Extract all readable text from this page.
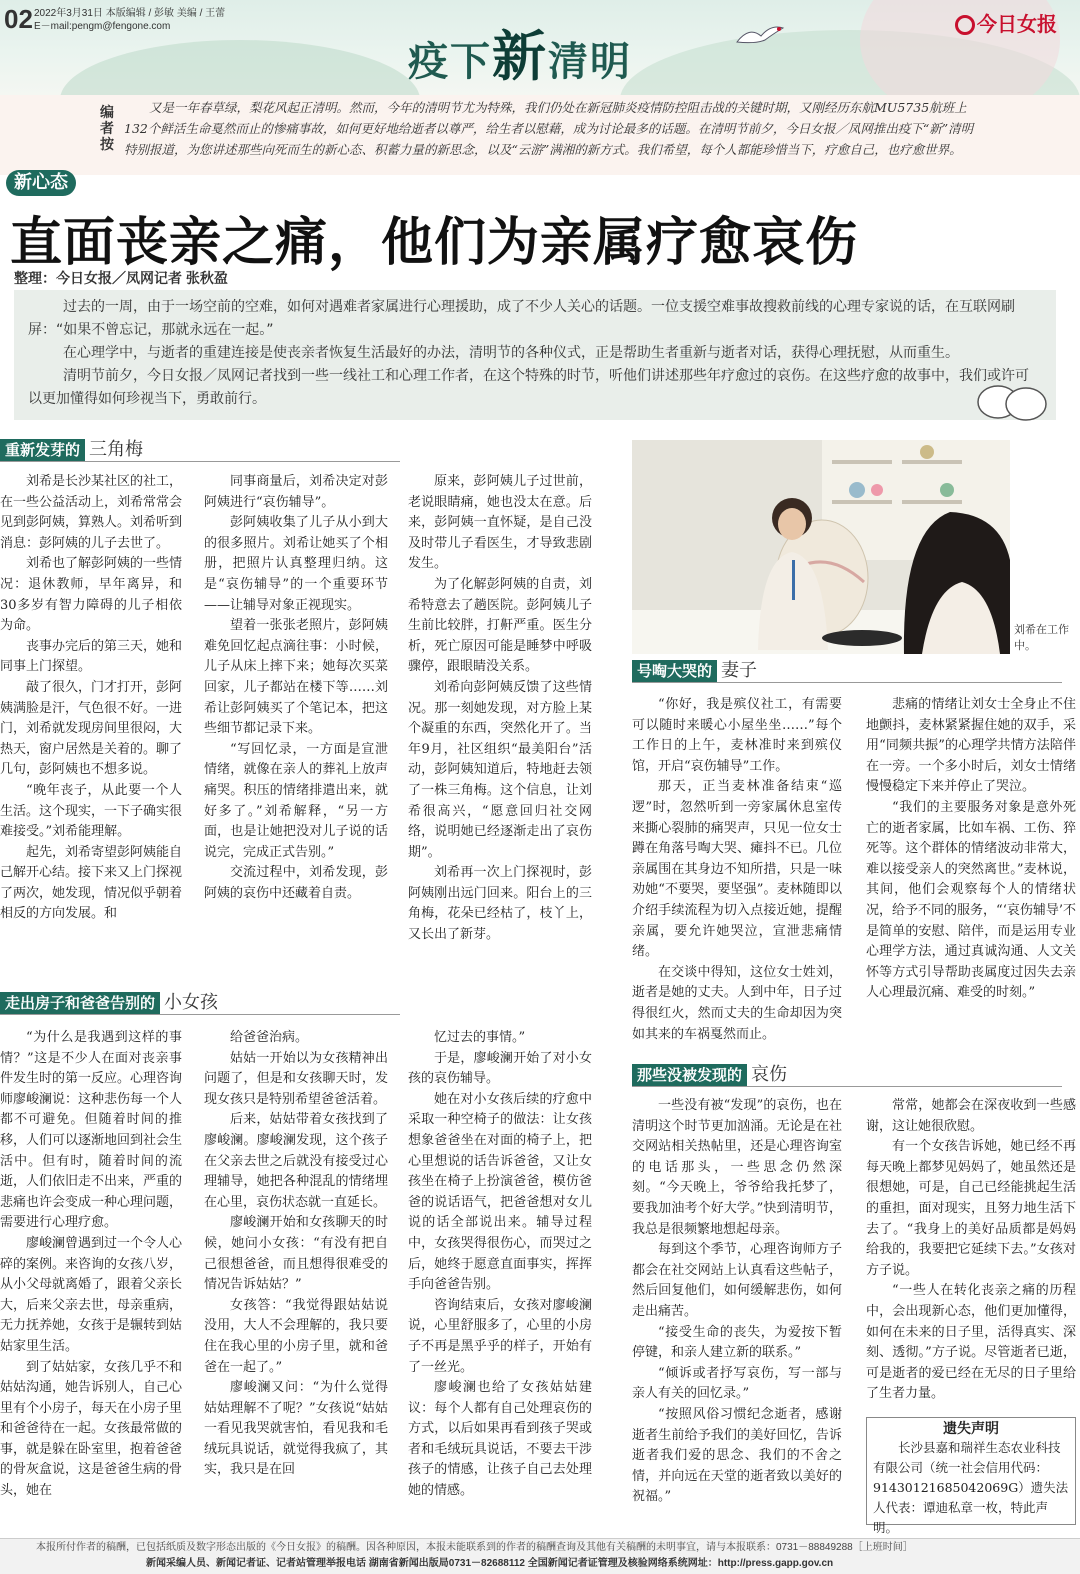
02 2022年3月31日 本版编辑 / 彭敏 美编 / 王蕾
E－mail:pengm@fengone.com
疫下新清明
今日女报
编者按
又是一年春草绿，梨花风起正清明。然而，今年的清明节尤为特殊，我们仍处在新冠肺炎疫情防控阻击战的关键时期，又刚经历东航MU5735航班上132个鲜活生命戛然而止的惨痛事故，如何更好地给逝者以尊严，给生者以慰藉，成为讨论最多的话题。在清明节前夕，今日女报／凤网推出疫下“新”清明特别报道，为您讲述那些向死而生的新心态、积蓄力量的新思念，以及“云游”满湘的新方式。我们希望，每个人都能珍惜当下，疗愈自己，也疗愈世界。
新心态
直面丧亲之痛，他们为亲属疗愈哀伤
整理：今日女报／凤网记者 张秋盈

过去的一周，由于一场空前的空难，如何对遇难者家属进行心理援助，成了不少人关心的话题。一位支援空难事故搜救前线的心理专家说的话，在互联网刷屏：“如果不曾忘记，那就永远在一起。”

在心理学中，与逝者的重建连接是使丧亲者恢复生活最好的办法，清明节的各种仪式，正是帮助生者重新与逝者对话，获得心理抚慰，从而重生。

清明节前夕，今日女报／凤网记者找到一些一线社工和心理工作者，在这个特殊的时节，听他们讲述那些年疗愈过的哀伤。在这些疗愈的故事中，我们或许可以更加懂得如何珍视当下，勇敢前行。

重新发芽的 三角梅

刘希是长沙某社区的社工，在一些公益活动上，刘希常常会见到彭阿姨，算熟人。刘希听到消息：彭阿姨的儿子去世了。

刘希也了解彭阿姨的一些情况：退休教师，早年离异，和30多岁有智力障碍的儿子相依为命。

丧事办完后的第三天，她和同事上门探望。

敲了很久，门才打开，彭阿姨满脸是汗，气色很不好。一进门，刘希就发现房间里很闷，大热天，窗户居然是关着的。聊了几句，彭阿姨也不想多说。

“晚年丧子，从此要一个人生活。这个现实，一下子确实很难接受。”刘希能理解。

起先，刘希寄望彭阿姨能自己解开心结。接下来又上门探视了两次，她发现，情况似乎朝着相反的方向发展。和

同事商量后，刘希决定对彭阿姨进行“哀伤辅导”。

彭阿姨收集了儿子从小到大的很多照片。刘希让她买了个相册，把照片认真整理归纳。这是“哀伤辅导”的一个重要环节——让辅导对象正视现实。

望着一张张老照片，彭阿姨难免回忆起点滴往事：小时候，儿子从床上摔下来；她每次买菜回家，儿子都站在楼下等……刘希让彭阿姨买了个笔记本，把这些细节都记录下来。

“写回忆录，一方面是宣泄情绪，就像在亲人的葬礼上放声痛哭。积压的情绪排遣出来，就好多了。”刘希解释，“另一方面，也是让她把没对儿子说的话说完，完成正式告别。”

交流过程中，刘希发现，彭阿姨的哀伤中还藏着自责。

原来，彭阿姨儿子过世前，老说眼睛痛，她也没太在意。后来，彭阿姨一直怀疑，是自己没及时带儿子看医生，才导致悲剧发生。

为了化解彭阿姨的自责，刘希特意去了趟医院。彭阿姨儿子生前比较胖，打鼾严重。医生分析，死亡原因可能是睡梦中呼吸骤停，跟眼睛没关系。

刘希向彭阿姨反馈了这些情况。那一刻她发现，对方脸上某个凝重的东西，突然化开了。当年9月，社区组织“最美阳台”活动，彭阿姨知道后，特地赶去领了一株三角梅。这个信息，让刘希很高兴，“愿意回归社交网络，说明她已经逐渐走出了哀伤期”。

刘希再一次上门探视时，彭阿姨刚出远门回来。阳台上的三角梅，花朵已经枯了，枝丫上，又长出了新芽。

刘希在工作中。
号啕大哭的 妻子

“你好，我是殡仪社工，有需要可以随时来暖心小屋坐坐……”每个工作日的上午，麦林准时来到殡仪馆，开启“哀伤辅导”工作。

那天，正当麦林准备结束“巡逻”时，忽然听到一旁家属休息室传来撕心裂肺的痛哭声，只见一位女士蹲在角落号啕大哭、瘫抖不已。几位亲属围在其身边不知所措，只是一味劝她“不要哭，要坚强”。麦林随即以介绍手续流程为切入点接近她，提醒亲属，要允许她哭泣，宣泄悲痛情绪。

在交谈中得知，这位女士姓刘，逝者是她的丈夫。人到中年，日子过得很红火，然而丈夫的生命却因为突如其来的车祸戛然而止。

悲痛的情绪让刘女士全身止不住地颤抖，麦林紧紧握住她的双手，采用“同频共振”的心理学共情方法陪伴在一旁。一个多小时后，刘女士情绪慢慢稳定下来并停止了哭泣。

“我们的主要服务对象是意外死亡的逝者家属，比如车祸、工伤、猝死等。这个群体的情绪波动非常大，难以接受亲人的突然离世。”麦林说，其间，他们会观察每个人的情绪状况，给予不同的服务，“‘哀伤辅导’不是简单的安慰、陪伴，而是运用专业心理学方法，通过真诚沟通、人文关怀等方式引导帮助丧属度过因失去亲人心理最沉痛、难受的时刻。”

走出房子和爸爸告别的 小女孩

“为什么是我遇到这样的事情？”这是不少人在面对丧亲事件发生时的第一反应。心理咨询师廖峻澜说：这种悲伤每一个人都不可避免。但随着时间的推移，人们可以逐渐地回到社会生活中。但有时，随着时间的流逝，人们依旧走不出来，严重的悲痛也许会变成一种心理问题，需要进行心理疗愈。

廖峻澜曾遇到过一个令人心碎的案例。来咨询的女孩八岁，从小父母就离婚了，跟着父亲长大，后来父亲去世，母亲重病，无力抚养她，女孩于是辗转到姑姑家里生活。

到了姑姑家，女孩几乎不和姑姑沟通，她告诉别人，自己心里有个小房子，每天在小房子里和爸爸待在一起。女孩最常做的事，就是躲在卧室里，抱着爸爸的骨灰盒说，这是爸爸生病的骨头，她在

给爸爸治病。

姑姑一开始以为女孩精神出问题了，但是和女孩聊天时，发现女孩只是特别希望爸爸活着。

后来，姑姑带着女孩找到了廖峻澜。廖峻澜发现，这个孩子在父亲去世之后就没有接受过心理辅导，她把各种混乱的情绪埋在心里，哀伤状态就一直延长。

廖峻澜开始和女孩聊天的时候，她问小女孩：“有没有把自己很想爸爸，而且想得很难受的情况告诉姑姑？”

女孩答：“我觉得跟姑姑说没用，大人不会理解的，我只要住在我心里的小房子里，就和爸爸在一起了。”

廖峻澜又问：“为什么觉得姑姑理解不了呢？”女孩说“姑姑一看见我哭就害怕，看见我和毛绒玩具说话，就觉得我疯了，其实，我只是在回

忆过去的事情。”

于是，廖峻澜开始了对小女孩的哀伤辅导。

她在对小女孩后续的疗愈中采取一种空椅子的做法：让女孩想象爸爸坐在对面的椅子上，把心里想说的话告诉爸爸，又让女孩坐在椅子上扮演爸爸，模仿爸爸的说话语气，把爸爸想对女儿说的话全部说出来。辅导过程中，女孩哭得很伤心，而哭过之后，她终于愿意直面事实，挥挥手向爸爸告别。

咨询结束后，女孩对廖峻澜说，心里舒服多了，心里的小房子不再是黑乎乎的样子，开始有了一丝光。

廖峻澜也给了女孩姑姑建议：每个人都有自己处理哀伤的方式，以后如果再看到孩子哭或者和毛绒玩具说话，不要去干涉孩子的情感，让孩子自己去处理她的情感。

那些没被发现的 哀伤

一些没有被“发现”的哀伤，也在清明这个时节更加汹涌。无论是在社交网站相关热帖里，还是心理咨询室的电话那头，一些思念仍然深刻。“今天晚上，爷爷给我托梦了，要我加油考个好大学。”快到清明节，我总是很频繁地想起母亲。

每到这个季节，心理咨询师方子都会在社交网站上认真看这些帖子，然后回复他们，如何缓解悲伤，如何走出痛苦。

“接受生命的丧失，为爱按下暂停键，和亲人建立新的联系。”

“倾诉或者抒写哀伤，写一部与亲人有关的回忆录。”

“按照风俗习惯纪念逝者，感谢逝者生前给予我们的美好回忆，告诉逝者我们爱的思念、我们的不舍之情，并向远在天堂的逝者致以美好的祝福。”

常常，她都会在深夜收到一些感谢，这让她很欣慰。

有一个女孩告诉她，她已经不再每天晚上都梦见妈妈了，她虽然还是很想她，可是，自己已经能挑起生活的重担，面对现实，且努力地生活下去了。“我身上的美好品质都是妈妈给我的，我要把它延续下去。”女孩对方子说。

“一些人在转化丧亲之痛的历程中，会出现新心态，他们更加懂得，如何在未来的日子里，活得真实、深刻、透彻。”方子说。尽管逝者已逝，可是逝者的爱已经在无尽的日子里给了生者力量。

遗失声明
长沙县嘉和瑞祥生态农业科技有限公司（统一社会信用代码：91430121685042069G）遗失法人代表：谭迪私章一枚，特此声明。
本报所付作者的稿酬，已包括纸质及数字形态出版的《今日女报》的稿酬。因各种原因，本报未能联系到的作者的稿酬查询及其他有关稿酬的未明事宜，请与本报联系：0731－88849288［上班时间］
新闻采编人员、新闻记者证、记者站管理举报电话 湖南省新闻出版局0731－82688112 全国新闻记者证管理及核验网络系统网址：http://press.gapp.gov.cn
